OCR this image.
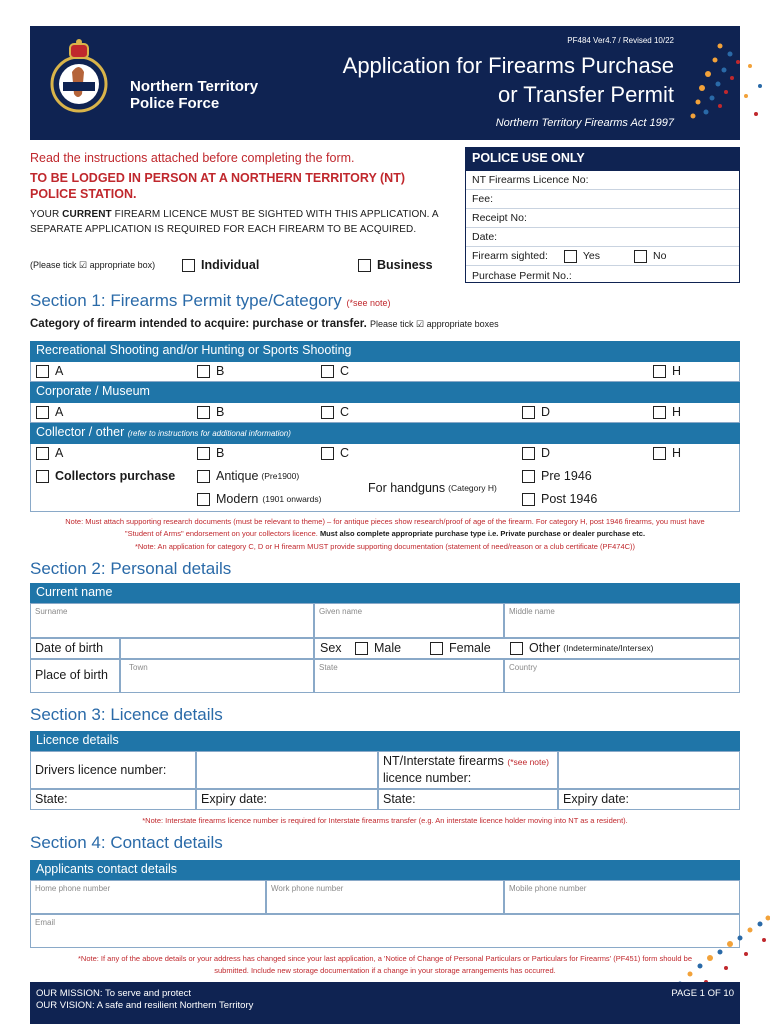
Northern Territory
Police Force
PF484 Ver4.7 / Revised 10/22
Application for Firearms Purchase
or Transfer Permit
Northern Territory Firearms Act 1997
Read the instructions attached before completing the form.
TO BE LODGED IN PERSON AT A NORTHERN TERRITORY (NT) POLICE STATION.
YOUR CURRENT FIREARM LICENCE MUST BE SIGHTED WITH THIS APPLICATION. A SEPARATE APPLICATION IS REQUIRED FOR EACH FIREARM TO BE ACQUIRED.
(Please tick ☑ appropriate box)	Individual	Business
POLICE USE ONLY
NT Firearms Licence No:
Fee:
Receipt No:
Date:
Firearm sighted:	Yes	No
Purchase Permit No.:
Section 1: Firearms Permit type/Category (*see note)
Category of firearm intended to acquire: purchase or transfer. Please tick ☑ appropriate boxes
Recreational Shooting and/or Hunting or Sports Shooting
A	B	C	H
Corporate / Museum
A	B	C	D	H
Collector / other (refer to instructions for additional information)
A	B	C	D	H
Collectors purchase	Antique (Pre1900)
Modern (1901 onwards)
For handguns (Category H)
Pre 1946
Post 1946
Note: Must attach supporting research documents (must be relevant to theme) – for antique pieces show research/proof of age of the firearm. For category H, post 1946 firearms, you must have "Student of Arms" endorsement on your collectors licence. Must also complete appropriate purchase type i.e. Private purchase or dealer purchase etc.
*Note: An application for category C, D or H firearm MUST provide supporting documentation (statement of need/reason or a club certificate (PF474C))
Section 2: Personal details
Current name
Surname	Given name	Middle name
Date of birth	Sex	Male	Female	Other (Indeterminate/Intersex)
Place of birth
Town	State	Country
Section 3: Licence details
Licence details
Drivers licence number:
NT/Interstate firearms (*see note)
licence number:
State:	Expiry date:	State:	Expiry date:
*Note: Interstate firearms licence number is required for Interstate firearms transfer (e.g. An interstate licence holder moving into NT as a resident).
Section 4: Contact details
Applicants contact details
Home phone number	Work phone number	Mobile phone number
Email
*Note: If any of the above details or your address has changed since your last application, a 'Notice of Change of Personal Particulars or Particulars for Firearms' (PF451) form should be submitted. Include new storage documentation if a change in your storage arrangements has occurred.
OUR MISSION: To serve and protect
OUR VISION: A safe and resilient Northern Territory
PAGE 1 OF 10
